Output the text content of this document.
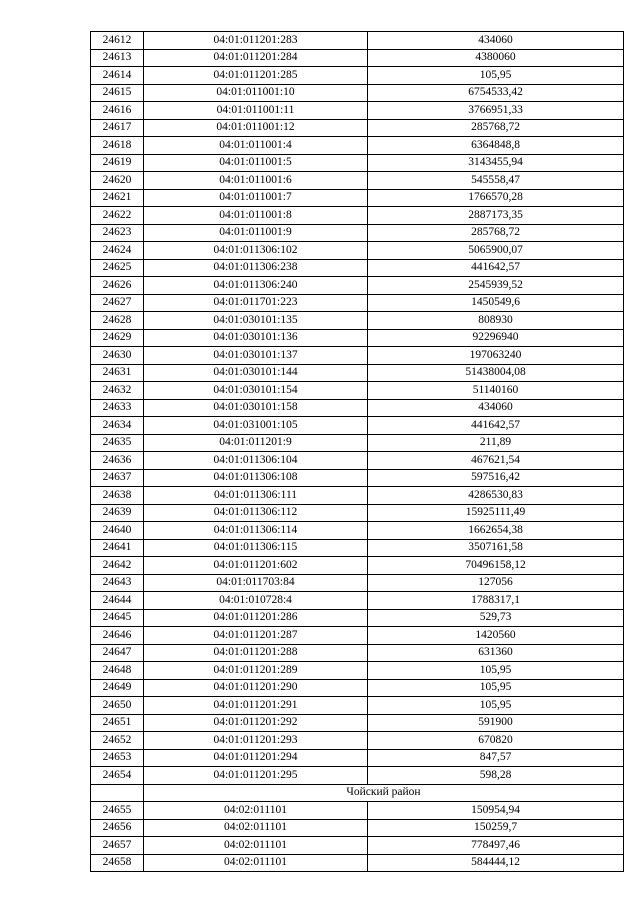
24612	04:01:011201:283	434060
24613	04:01:011201:284	4380060
24614	04:01:011201:285	105,95
24615	04:01:011001:10	6754533,42
24616	04:01:011001:11	3766951,33
24617	04:01:011001:12	285768,72
24618	04:01:011001:4	6364848,8
24619	04:01:011001:5	3143455,94
24620	04:01:011001:6	545558,47
24621	04:01:011001:7	1766570,28
24622	04:01:011001:8	2887173,35
24623	04:01:011001:9	285768,72
24624	04:01:011306:102	5065900,07
24625	04:01:011306:238	441642,57
24626	04:01:011306:240	2545939,52
24627	04:01:011701:223	1450549,6
24628	04:01:030101:135	808930
24629	04:01:030101:136	92296940
24630	04:01:030101:137	197063240
24631	04:01:030101:144	51438004,08
24632	04:01:030101:154	51140160
24633	04:01:030101:158	434060
24634	04:01:031001:105	441642,57
24635	04:01:011201:9	211,89
24636	04:01:011306:104	467621,54
24637	04:01:011306:108	597516,42
24638	04:01:011306:111	4286530,83
24639	04:01:011306:112	15925111,49
24640	04:01:011306:114	1662654,38
24641	04:01:011306:115	3507161,58
24642	04:01:011201:602	70496158,12
24643	04:01:011703:84	127056
24644	04:01:010728:4	1788317,1
24645	04:01:011201:286	529,73
24646	04:01:011201:287	1420560
24647	04:01:011201:288	631360
24648	04:01:011201:289	105,95
24649	04:01:011201:290	105,95
24650	04:01:011201:291	105,95
24651	04:01:011201:292	591900
24652	04:01:011201:293	670820
24653	04:01:011201:294	847,57
24654	04:01:011201:295	598,28
	Чойский район	
24655	04:02:011101	150954,94
24656	04:02:011101	150259,7
24657	04:02:011101	778497,46
24658	04:02:011101	584444,12
